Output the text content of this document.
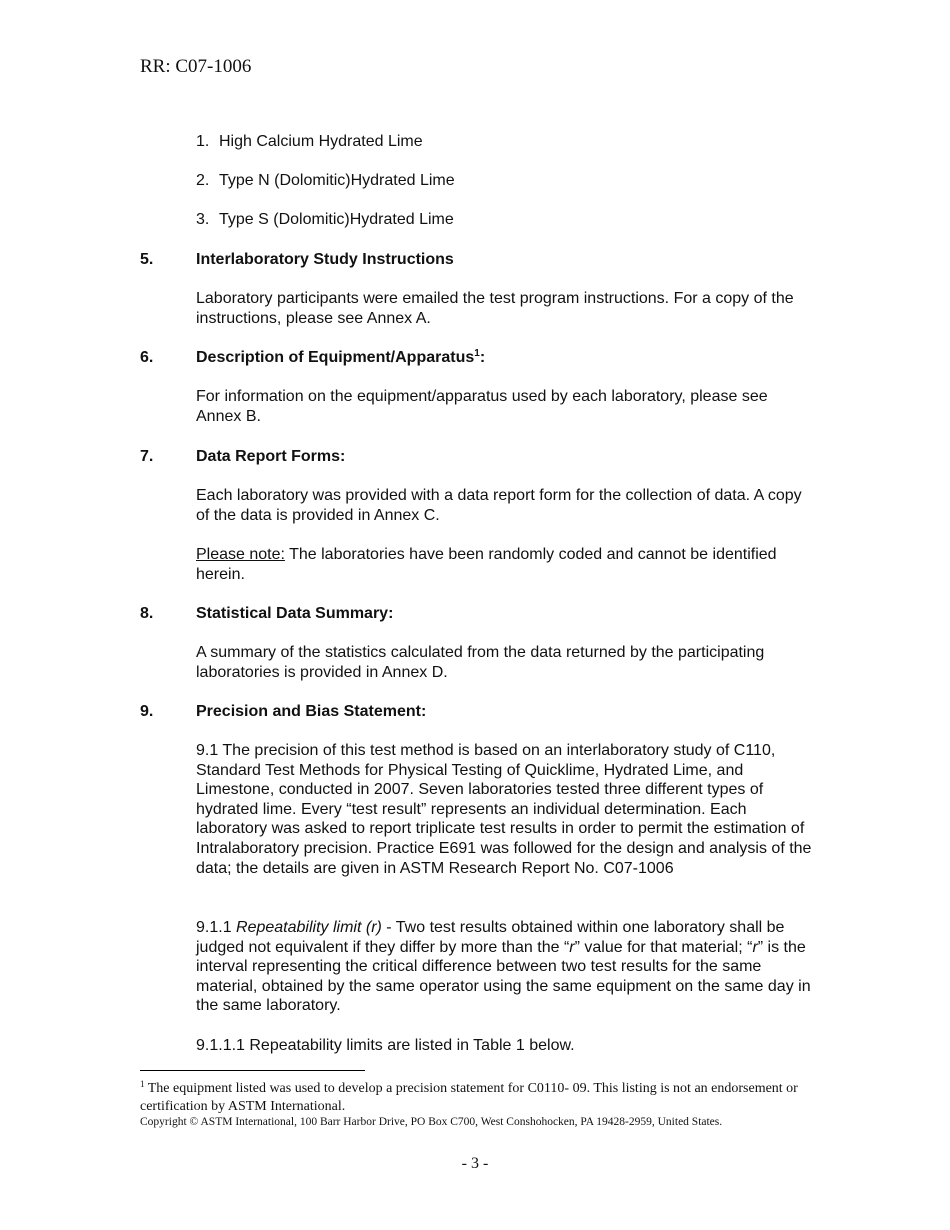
RR: C07-1006
1. High Calcium Hydrated Lime
2. Type N (Dolomitic)Hydrated Lime
3. Type S (Dolomitic)Hydrated Lime
5.	Interlaboratory Study Instructions
Laboratory participants were emailed the test program instructions. For a copy of the instructions, please see Annex A.
6.	Description of Equipment/Apparatus$^1$:
For information on the equipment/apparatus used by each laboratory, please see Annex B.
7.	Data Report Forms:
Each laboratory was provided with a data report form for the collection of data. A copy of the data is provided in Annex C.
Please note: The laboratories have been randomly coded and cannot be identified herein.
8.	Statistical Data Summary:
A summary of the statistics calculated from the data returned by the participating laboratories is provided in Annex D.
9.	Precision and Bias Statement:
9.1 The precision of this test method is based on an interlaboratory study of C110, Standard Test Methods for Physical Testing of Quicklime, Hydrated Lime, and Limestone, conducted in 2007. Seven laboratories tested three different types of hydrated lime. Every “test result” represents an individual determination. Each laboratory was asked to report triplicate test results in order to permit the estimation of Intralaboratory precision. Practice E691 was followed for the design and analysis of the data; the details are given in ASTM Research Report No. C07-1006
9.1.1 Repeatability limit (r) - Two test results obtained within one laboratory shall be judged not equivalent if they differ by more than the “r” value for that material; “r” is the interval representing the critical difference between two test results for the same material, obtained by the same operator using the same equipment on the same day in the same laboratory.
9.1.1.1 Repeatability limits are listed in Table 1 below.
$^1$ The equipment listed was used to develop a precision statement for C0110- 09. This listing is not an endorsement or certification by ASTM International.
Copyright © ASTM International, 100 Barr Harbor Drive, PO Box C700, West Conshohocken, PA 19428-2959, United States.
- 3 -
